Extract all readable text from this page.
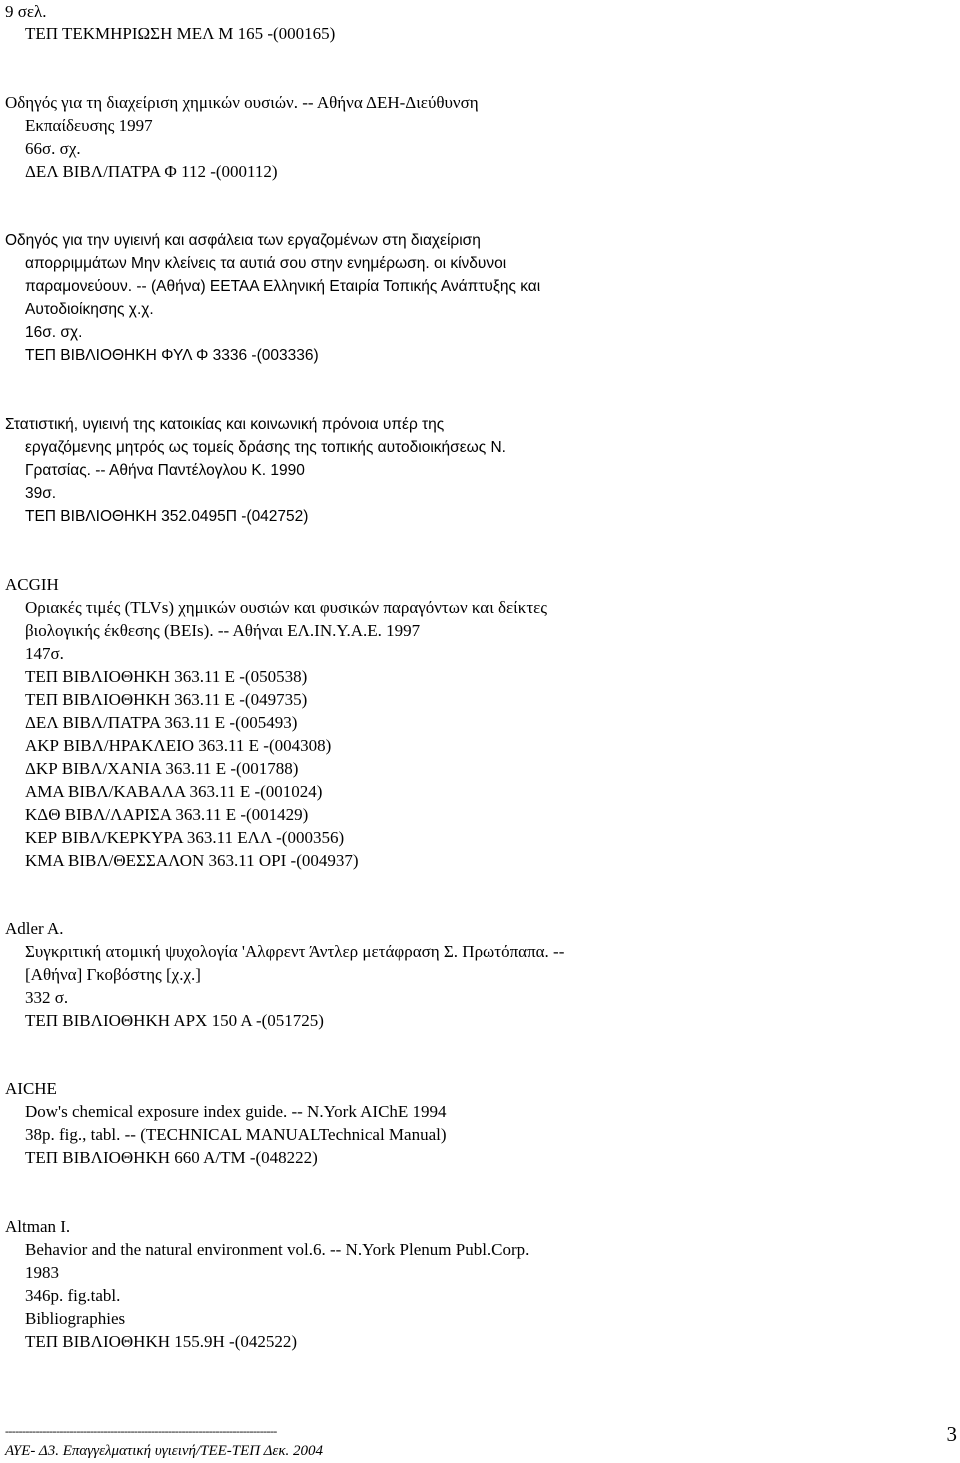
9 σελ.
ΤΕΠ ΤΕΚΜΗΡΙΩΣΗ ΜΕΛ Μ 165 -(000165)
Οδηγός για τη διαχείριση χημικών ουσιών. -- Αθήνα ΔΕΗ-Διεύθυνση
Εκπαίδευσης 1997
66σ. σχ.
ΔΕΛ ΒΙΒΛ/ΠΑΤΡΑ Φ 112 -(000112)
Οδηγός για την υγιεινή και ασφάλεια των εργαζομένων στη διαχείριση
απορριμμάτων Μην κλείνεις τα αυτιά σου στην ενημέρωση. οι κίνδυνοι
παραμονεύουν. -- (Αθήνα) ΕΕΤΑΑ Ελληνική Εταιρία Τοπικής Ανάπτυξης και
Αυτοδιοίκησης χ.χ.
16σ. σχ.
ΤΕΠ ΒΙΒΛΙΟΘΗΚΗ ΦΥΛ Φ 3336 -(003336)
Στατιστική, υγιεινή της κατοικίας και κοινωνική πρόνοια υπέρ της
εργαζόμενης μητρός ως τομείς δράσης της τοπικής αυτοδιοικήσεως Ν.
Γρατσίας. -- Αθήνα Παντέλογλου Κ. 1990
39σ.
ΤΕΠ ΒΙΒΛΙΟΘΗΚΗ 352.0495Π -(042752)
ACGIH
Οριακές τιμές (TLVs) χημικών ουσιών και φυσικών παραγόντων και δείκτες
βιολογικής έκθεσης (BEIs). -- Αθήναι ΕΛ.ΙΝ.Υ.Α.Ε. 1997
147σ.
ΤΕΠ ΒΙΒΛΙΟΘΗΚΗ 363.11 Ε -(050538)
ΤΕΠ ΒΙΒΛΙΟΘΗΚΗ 363.11 Ε -(049735)
ΔΕΛ ΒΙΒΛ/ΠΑΤΡΑ 363.11 Ε -(005493)
ΑΚΡ ΒΙΒΛ/ΗΡΑΚΛΕΙΟ 363.11 Ε -(004308)
ΔΚΡ ΒΙΒΛ/ΧΑΝΙΑ 363.11 Ε -(001788)
ΑΜΑ ΒΙΒΛ/ΚΑΒΑΛΑ 363.11 Ε -(001024)
ΚΔΘ ΒΙΒΛ/ΛΑΡΙΣΑ 363.11 Ε -(001429)
ΚΕΡ ΒΙΒΛ/ΚΕΡΚΥΡΑ 363.11 ΕΛΛ -(000356)
ΚΜΑ ΒΙΒΛ/ΘΕΣΣΑΛΟΝ 363.11 ΟΡΙ -(004937)
Adler A.
Συγκριτική ατομική ψυχολογία 'Αλφρεντ Άντλερ μετάφραση Σ. Πρωτόπαπα. --
[Αθήνα] Γκοβόστης [χ.χ.]
332 σ.
ΤΕΠ ΒΙΒΛΙΟΘΗΚΗ ΑΡΧ 150 Α -(051725)
AICHE
Dow's chemical exposure index guide. -- N.York AIChE 1994
38p. fig., tabl. -- (TECHNICAL MANUALTechnical Manual)
ΤΕΠ ΒΙΒΛΙΟΘΗΚΗ 660 Α/ΤΜ -(048222)
Altman I.
Behavior and the natural environment vol.6. -- N.York Plenum Publ.Corp.
1983
346p. fig.tabl.
Bibliographies
ΤΕΠ ΒΙΒΛΙΟΘΗΚΗ 155.9Η -(042522)
--------------------------------------------------------------------------------
ΑΥΕ- Δ3. Επαγγελματική υγιεινή/ΤΕΕ-ΤΕΠ Δεκ. 2004
3
